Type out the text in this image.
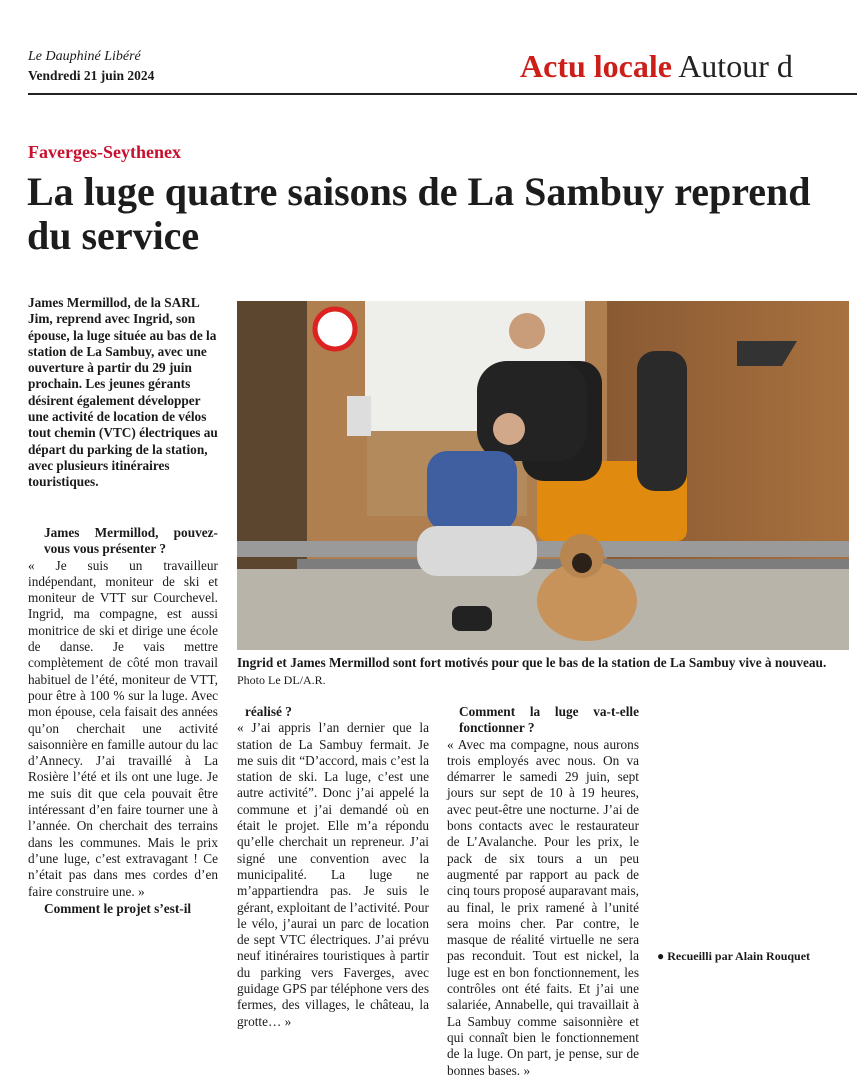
Le Dauphiné Libéré
Vendredi 21 juin 2024	Actu locale Autour d
Faverges-Seythenex
La luge quatre saisons de La Sambuy reprend du service
James Mermillod, de la SARL Jim, reprend avec Ingrid, son épouse, la luge située au bas de la station de La Sambuy, avec une ouverture à partir du 29 juin prochain. Les jeunes gérants désirent également développer une activité de location de vélos tout chemin (VTC) électriques au départ du parking de la station, avec plusieurs itinéraires touristiques.

James Mermillod, pouvez-vous vous présenter ?

« Je suis un travailleur indépendant, moniteur de ski et moniteur de VTT sur Courchevel. Ingrid, ma compagne, est aussi monitrice de ski et dirige une école de danse. Je vais mettre complètement de côté mon travail habituel de l’été, moniteur de VTT, pour être à 100 % sur la luge. Avec mon épouse, cela faisait des années qu’on cherchait une activité saisonnière en famille autour du lac d’Annecy. J’ai travaillé à La Rosière l’été et ils ont une luge. Je me suis dit que cela pouvait être intéressant d’en faire tourner une à l’année. On cherchait des terrains dans les communes. Mais le prix d’une luge, c’est extravagant ! Ce n’était pas dans mes cordes d’en faire construire une. »

Comment le projet s’est-il

Ingrid et James Mermillod sont fort motivés pour que le bas de la station de La Sambuy vive à nouveau. Photo Le DL/A.R.

réalisé ?

« J’ai appris l’an dernier que la station de La Sambuy fermait. Je me suis dit “D’accord, mais c’est la station de ski. La luge, c’est une autre activité”. Donc j’ai appelé la commune et j’ai demandé où en était le projet. Elle m’a répondu qu’elle cherchait un repreneur. J’ai signé une convention avec la municipalité. La luge ne m’appartiendra pas. Je suis le gérant, exploitant de l’activité. Pour le vélo, j’aurai un parc de location de sept VTC électriques. J’ai prévu neuf itinéraires touristiques à partir du parking vers Faverges, avec guidage GPS par téléphone vers des fermes, des villages, le château, la grotte… »

Comment la luge va-t-elle fonctionner ?

« Avec ma compagne, nous aurons trois employés avec nous. On va démarrer le samedi 29 juin, sept jours sur sept de 10 à 19 heures, avec peut-être une nocturne. J’ai de bons contacts avec le restaurateur de L’Avalanche. Pour les prix, le pack de six tours a un peu augmenté par rapport au pack de cinq tours proposé auparavant mais, au final, le prix ramené à l’unité sera moins cher. Par contre, le masque de réalité virtuelle ne sera pas reconduit. Tout est nickel, la luge est en bon fonctionnement, les contrôles ont été faits. Et j’ai une salariée, Annabelle, qui travaillait à La Sambuy comme saisonnière et qui connaît bien le fonctionnement de la luge. On part, je pense, sur de bonnes bases. »

● Recueilli par Alain Rouquet
